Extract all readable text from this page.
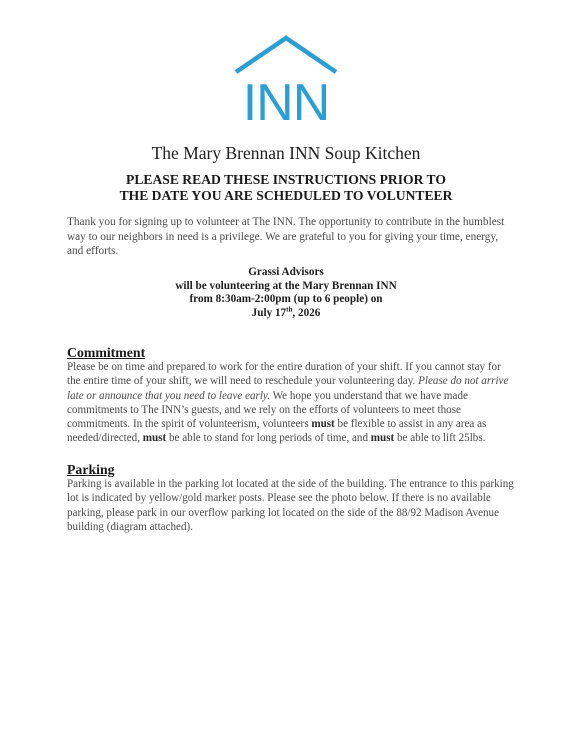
INN
The Mary Brennan INN Soup Kitchen
PLEASE READ THESE INSTRUCTIONS PRIOR TO
THE DATE YOU ARE SCHEDULED TO VOLUNTEER
Thank you for signing up to volunteer at The INN. The opportunity to contribute in the humblest way to our neighbors in need is a privilege. We are grateful to you for giving your time, energy, and efforts.
Grassi Advisors
will be volunteering at the Mary Brennan INN
from 8:30am-2:00pm (up to 6 people) on
July 17th, 2026
Commitment
Please be on time and prepared to work for the entire duration of your shift. If you cannot stay for the entire time of your shift, we will need to reschedule your volunteering day. Please do not arrive late or announce that you need to leave early. We hope you understand that we have made commitments to The INN’s guests, and we rely on the efforts of volunteers to meet those commitments. In the spirit of volunteerism, volunteers must be flexible to assist in any area as needed/directed, must be able to stand for long periods of time, and must be able to lift 25lbs.
Parking
Parking is available in the parking lot located at the side of the building. The entrance to this parking lot is indicated by yellow/gold marker posts. Please see the photo below. If there is no available parking, please park in our overflow parking lot located on the side of the 88/92 Madison Avenue building (diagram attached).
